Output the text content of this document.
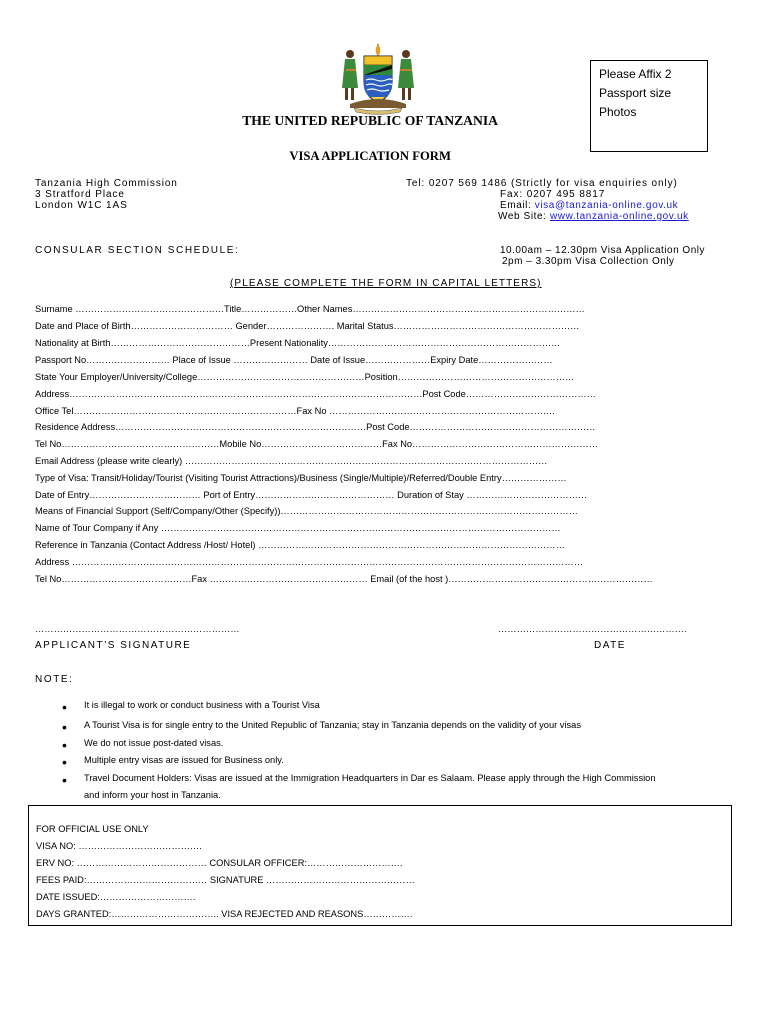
Please Affix 2
Passport size
Photos
THE UNITED REPUBLIC OF TANZANIA
VISA APPLICATION FORM
Tanzania High Commission
3 Stratford Place
London W1C 1AS
Tel: 0207 569 1486 (Strictly for visa enquiries only)
Fax: 0207 495 8817
Email: visa@tanzania-online.gov.uk
Web Site: www.tanzania-online.gov.uk
CONSULAR SECTION SCHEDULE:	10.00am – 12.30pm Visa Application Only
2pm – 3.30pm Visa Collection Only
(PLEASE COMPLETE THE FORM IN CAPITAL LETTERS)
Surname …………………………………………Title………………Other Names…………………………………………………………………
Date and Place of Birth…………………………… Gender…………………. Marital Status……………………………………………………
Nationality at Birth………………………………………Present Nationality…………………………………………………………………
Passport No……………………… Place of Issue …………………… Date of Issue…………………Expiry Date……………………
State Your Employer/University/College………………………………………………Position…………………………………………………
Address……………………………………………………………………………………………………Post Code……………………………………
Office Tel………………………………………………………………Fax No ……………………………………………………………….
Residence Address………………………………………………………………………Post Code……………………………………………………
Tel No……………………………………………Mobile No…………………………………Fax No……………………………………………………
Email Address (please write clearly) ………………………………………………………………………………………………………
Type of Visa: Transit/Holiday/Tourist (Visiting Tourist Attractions)/Business (Single/Multiple)/Referred/Double Entry…………………
Date of Entry……………………………… Port of Entry……………………………………… Duration of Stay …………………………………
Means of Financial Support (Self/Company/Other (Specify))……………………………………………………………………………………
Name of Tour Company if Any …………………………………………………………………………………………………………………
Reference in Tanzania (Contact Address /Host/ Hotel) ………………………………………………………………………………………
Address …………………………………………………………………………………………………………………………………………………
Tel No……………………………………Fax …………………………………………… Email (of the host )…………………………………………………………
…………………………………………………………	…………………………………………………….
APPLICANT’S SIGNATURE	DATE
NOTE:
• It is illegal to work or conduct business with a Tourist Visa
• A Tourist Visa is for single entry to the United Republic of Tanzania; stay in Tanzania depends on the validity of your visas
• We do not issue post-dated visas.
• Multiple entry visas are issued for Business only.
• Travel Document Holders: Visas are issued at the Immigration Headquarters in Dar es Salaam. Please apply through the High Commission
and inform your host in Tanzania.
FOR OFFICIAL USE ONLY
VISA NO: ………………………………….
ERV NO: …………………………………… CONSULAR OFFICER:………………………….
FEES PAID:………………………………… SIGNATURE …………………………………………
DATE ISSUED:………………………….
DAYS GRANTED:…………………………….. VISA REJECTED AND REASONS…………….
